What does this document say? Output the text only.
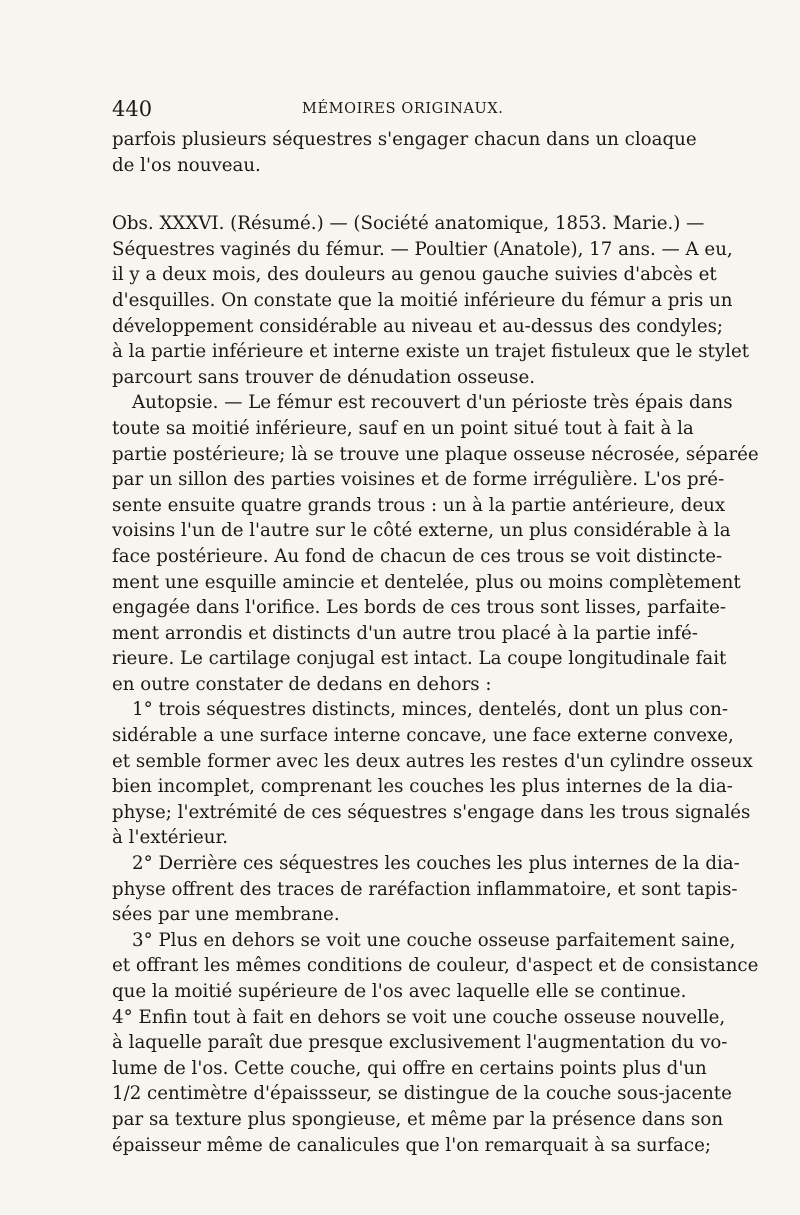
440	MÉMOIRES ORIGINAUX.
parfois plusieurs séquestres s'engager chacun dans un cloaque
de l'os nouveau.
Obs. XXXVI. (Résumé.) — (Société anatomique, 1853. Marie.) —
Séquestres vaginés du fémur. — Poultier (Anatole), 17 ans. — A eu,
il y a deux mois, des douleurs au genou gauche suivies d'abcès et
d'esquilles. On constate que la moitié inférieure du fémur a pris un
développement considérable au niveau et au-dessus des condyles;
à la partie inférieure et interne existe un trajet fistuleux que le stylet
parcourt sans trouver de dénudation osseuse.
Autopsie. — Le fémur est recouvert d'un périoste très épais dans
toute sa moitié inférieure, sauf en un point situé tout à fait à la
partie postérieure; là se trouve une plaque osseuse nécrosée, séparée
par un sillon des parties voisines et de forme irrégulière. L'os pré-
sente ensuite quatre grands trous : un à la partie antérieure, deux
voisins l'un de l'autre sur le côté externe, un plus considérable à la
face postérieure. Au fond de chacun de ces trous se voit distincte-
ment une esquille amincie et dentelée, plus ou moins complètement
engagée dans l'orifice. Les bords de ces trous sont lisses, parfaite-
ment arrondis et distincts d'un autre trou placé à la partie infé-
rieure. Le cartilage conjugal est intact. La coupe longitudinale fait
en outre constater de dedans en dehors :
1° trois séquestres distincts, minces, dentelés, dont un plus con-
sidérable a une surface interne concave, une face externe convexe,
et semble former avec les deux autres les restes d'un cylindre osseux
bien incomplet, comprenant les couches les plus internes de la dia-
physe; l'extrémité de ces séquestres s'engage dans les trous signalés
à l'extérieur.
2° Derrière ces séquestres les couches les plus internes de la dia-
physe offrent des traces de raréfaction inflammatoire, et sont tapis-
sées par une membrane.
3° Plus en dehors se voit une couche osseuse parfaitement saine,
et offrant les mêmes conditions de couleur, d'aspect et de consistance
que la moitié supérieure de l'os avec laquelle elle se continue.
4° Enfin tout à fait en dehors se voit une couche osseuse nouvelle,
à laquelle paraît due presque exclusivement l'augmentation du vo-
lume de l'os. Cette couche, qui offre en certains points plus d'un
1/2 centimètre d'épaissseur, se distingue de la couche sous-jacente
par sa texture plus spongieuse, et même par la présence dans son
épaisseur même de canalicules que l'on remarquait à sa surface;
